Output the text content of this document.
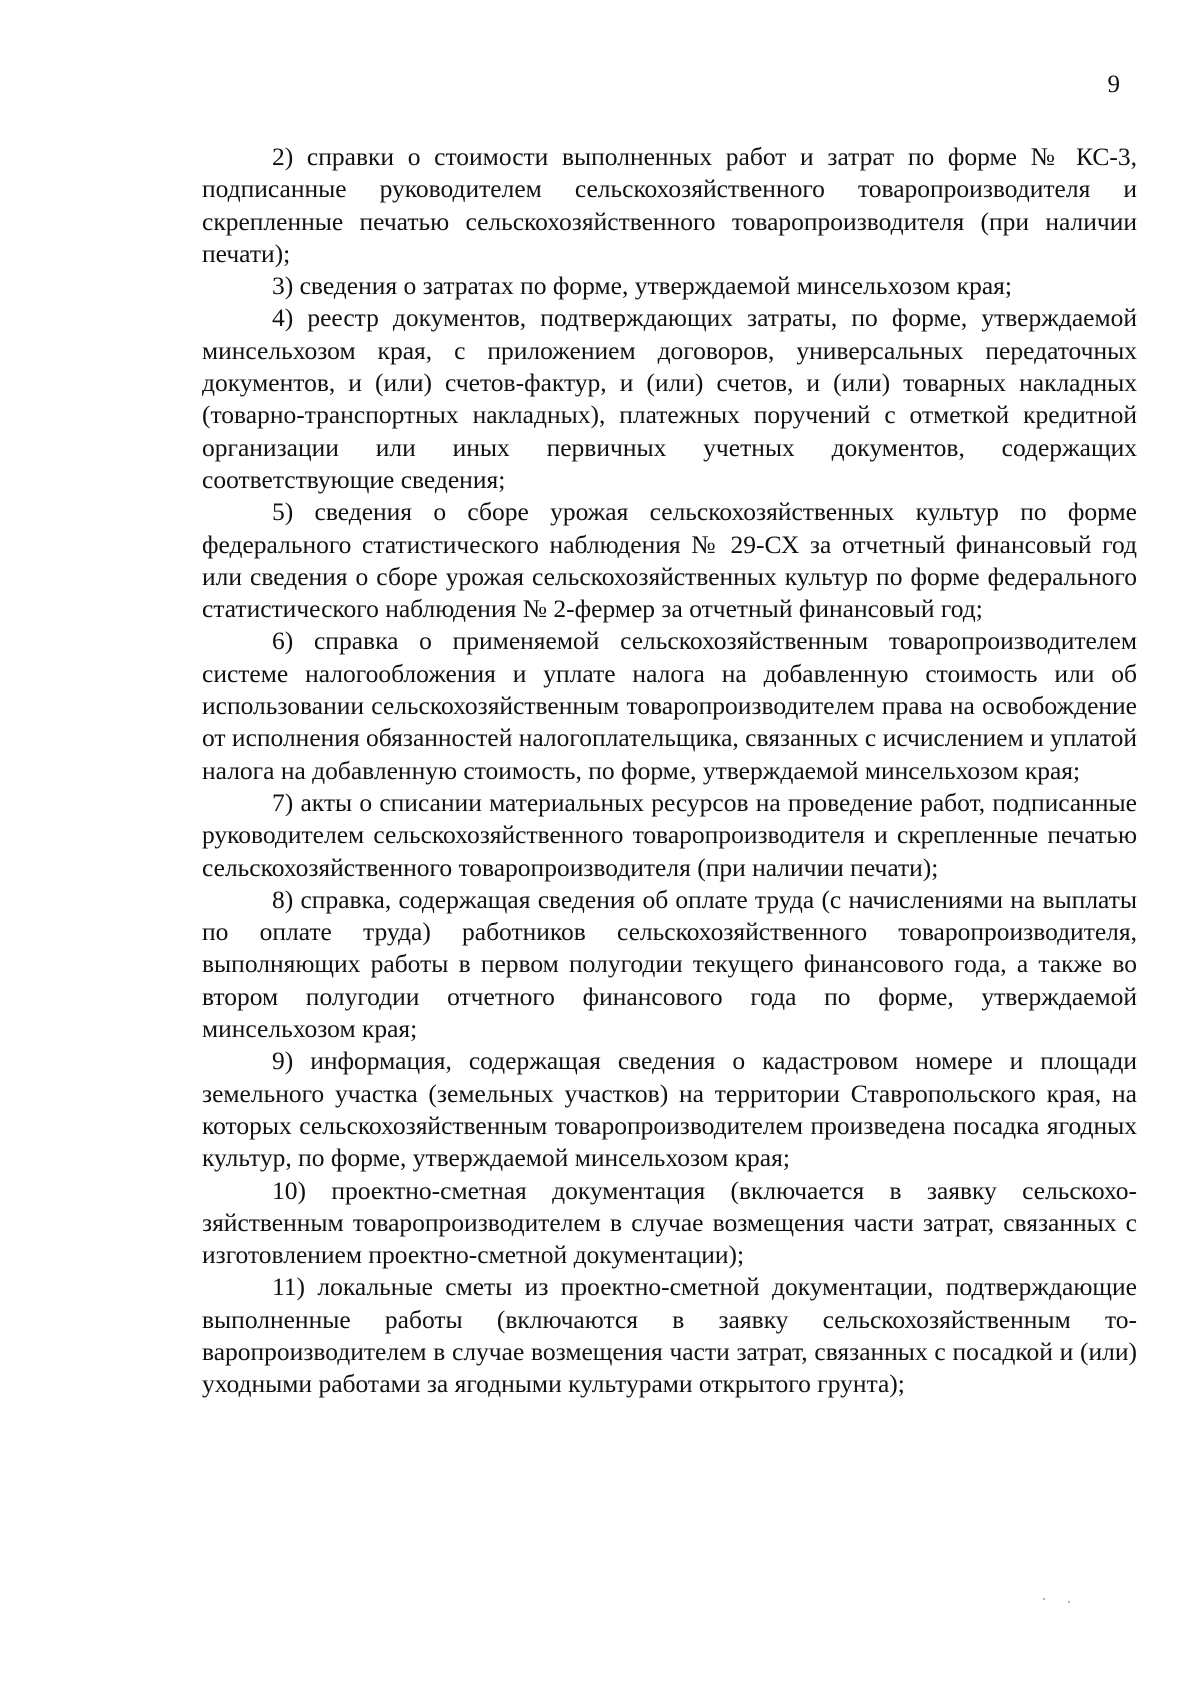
9

2) справки о стоимости выполненных работ и затрат по форме № КС-3, подписанные руководителем сельскохозяйственного товаропроизводителя и скрепленные печатью сельскохозяйственного товаропроизводителя (при наличии печати);

3) сведения о затратах по форме, утверждаемой минсельхозом края;

4) реестр документов, подтверждающих затраты, по форме, утверждаемой минсельхозом края, с приложением договоров, универсальных передаточных документов, и (или) счетов-фактур, и (или) счетов, и (или) товарных накладных (товарно-транспортных накладных), платежных поручений с отметкой кредитной организации или иных первичных учетных документов, содержащих соответствующие сведения;

5) сведения о сборе урожая сельскохозяйственных культур по форме федерального статистического наблюдения № 29-СХ за отчетный финансовый год или сведения о сборе урожая сельскохозяйственных культур по форме федерального статистического наблюдения № 2-фермер за отчетный финансовый год;

6) справка о применяемой сельскохозяйственным товаропроизводителем системе налогообложения и уплате налога на добавленную стоимость или об использовании сельскохозяйственным товаропроизводителем права на освобождение от исполнения обязанностей налогоплательщика, связанных с исчислением и уплатой налога на добавленную стоимость, по форме, утверждаемой минсельхозом края;

7) акты о списании материальных ресурсов на проведение работ, подписанные руководителем сельскохозяйственного товаропроизводителя и скрепленные печатью сельскохозяйственного товаропроизводителя (при наличии печати);

8) справка, содержащая сведения об оплате труда (с начислениями на выплаты по оплате труда) работников сельскохозяйственного товаропроизводителя, выполняющих работы в первом полугодии текущего финансового года, а также во втором полугодии отчетного финансового года по форме, утверждаемой минсельхозом края;

9) информация, содержащая сведения о кадастровом номере и площади земельного участка (земельных участков) на территории Ставропольского края, на которых сельскохозяйственным товаропроизводителем произведена посадка ягодных культур, по форме, утверждаемой минсельхозом края;

10) проектно-сметная документация (включается в заявку сельскохозяйственным товаропроизводителем в случае возмещения части затрат, связанных с изготовлением проектно-сметной документации);

11) локальные сметы из проектно-сметной документации, подтверждающие выполненные работы (включаются в заявку сельскохозяйственным товаропроизводителем в случае возмещения части затрат, связанных с посадкой и (или) уходными работами за ягодными культурами открытого грунта);
